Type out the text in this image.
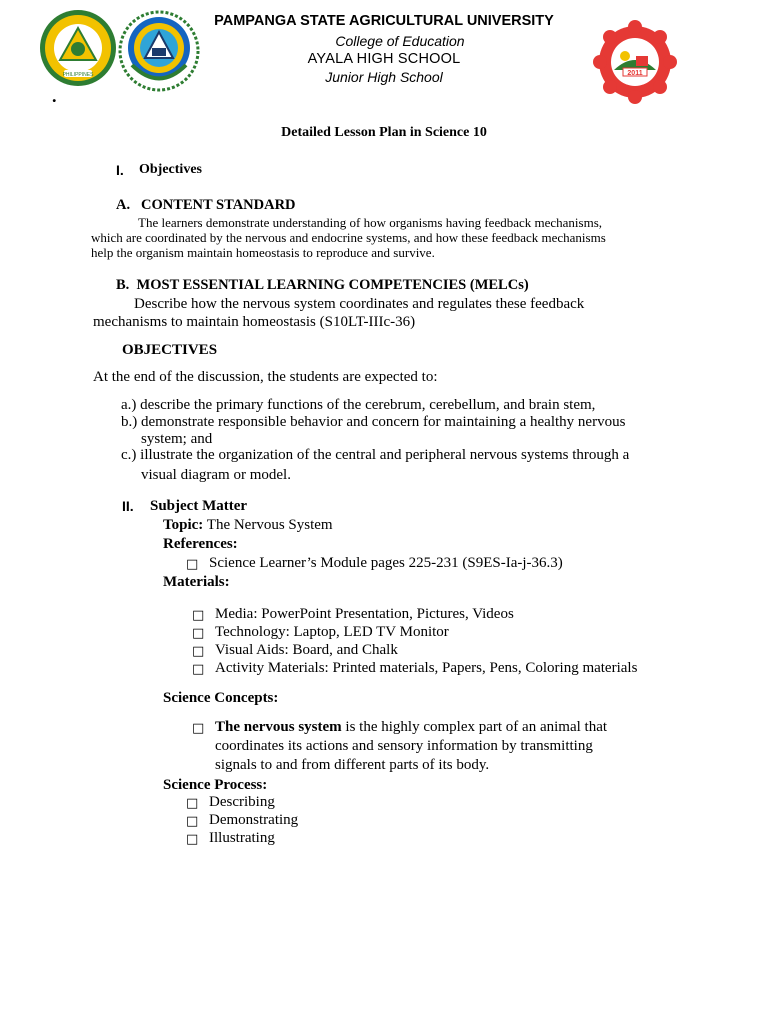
PHILIPPINES	2011
PAMPANGA STATE AGRICULTURAL UNIVERSITY
College of Education
AYALA HIGH SCHOOL
Junior High School
.
Detailed Lesson Plan in Science 10
I. Objectives
A.   CONTENT STANDARD
The learners demonstrate understanding of how organisms having feedback mechanisms,
which are coordinated by the nervous and endocrine systems, and how these feedback mechanisms
help the organism maintain homeostasis to reproduce and survive.
B.  MOST ESSENTIAL LEARNING COMPETENCIES (MELCs)
Describe how the nervous system coordinates and regulates these feedback
mechanisms to maintain homeostasis (S10LT-IIIc-36)
OBJECTIVES
At the end of the discussion, the students are expected to:
a.) describe the primary functions of the cerebrum, cerebellum, and brain stem,
b.) demonstrate responsible behavior and concern for maintaining a healthy nervous
system; and
c.) illustrate the organization of the central and peripheral nervous systems through a
visual diagram or model.
II. Subject Matter
Topic: The Nervous System
References:
□ Science Learner’s Module pages 225-231 (S9ES-Ia-j-36.3)
Materials:
□ Media: PowerPoint Presentation, Pictures, Videos
□ Technology: Laptop, LED TV Monitor
□ Visual Aids: Board, and Chalk
□ Activity Materials: Printed materials, Papers, Pens, Coloring materials
Science Concepts:
□ The nervous system is the highly complex part of an animal that
coordinates its actions and sensory information by transmitting
signals to and from different parts of its body.
Science Process:
□ Describing
□ Demonstrating
□ Illustrating
